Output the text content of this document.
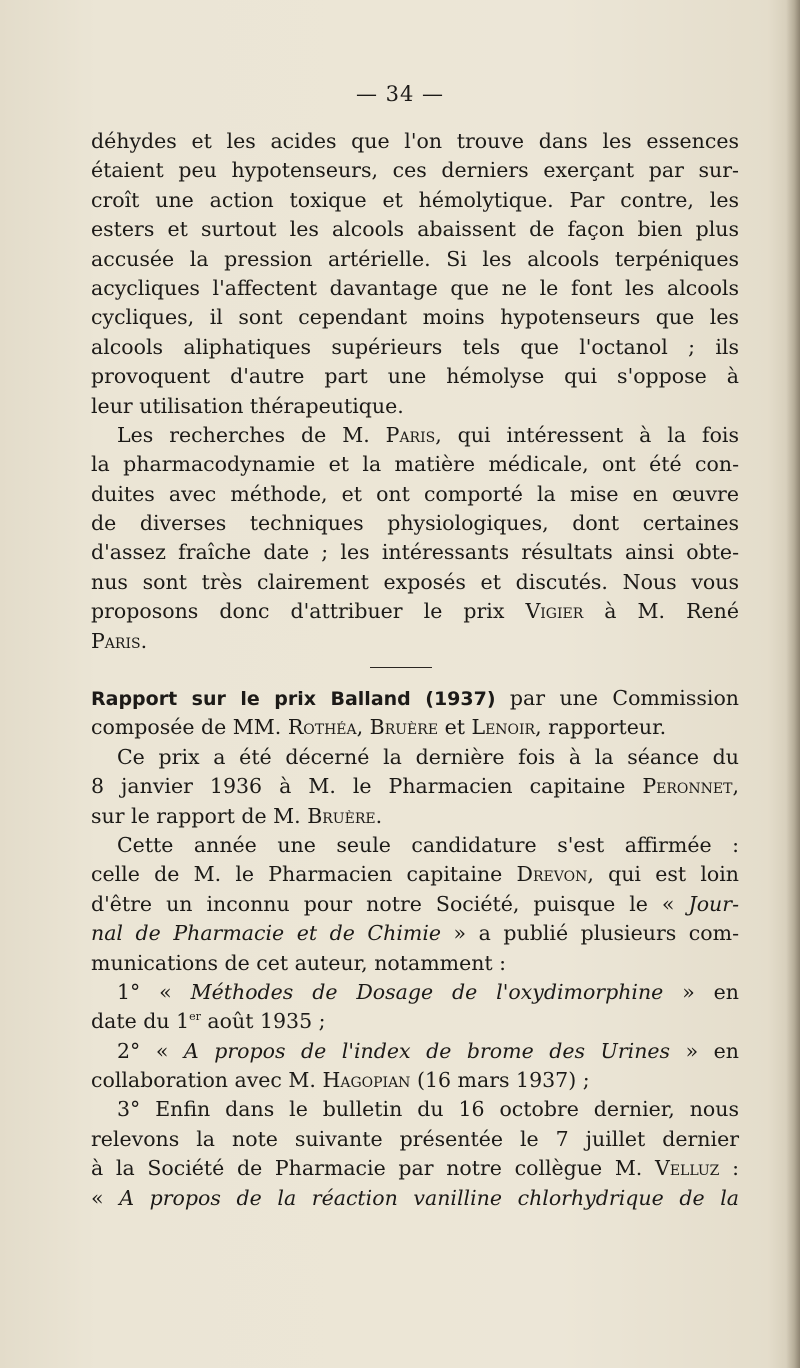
— 34 —
déhydes et les acides que l'on trouve dans les essences
étaient peu hypotenseurs, ces derniers exerçant par sur-
croît une action toxique et hémolytique. Par contre, les
esters et surtout les alcools abaissent de façon bien plus
accusée la pression artérielle. Si les alcools terpéniques
acycliques l'affectent davantage que ne le font les alcools
cycliques, il sont cependant moins hypotenseurs que les
alcools aliphatiques supérieurs tels que l'octanol ; ils
provoquent d'autre part une hémolyse qui s'oppose à
leur utilisation thérapeutique.
Les recherches de M. Paris, qui intéressent à la fois
la pharmacodynamie et la matière médicale, ont été con-
duites avec méthode, et ont comporté la mise en œuvre
de diverses techniques physiologiques, dont certaines
d'assez fraîche date ; les intéressants résultats ainsi obte-
nus sont très clairement exposés et discutés. Nous vous
proposons donc d'attribuer le prix Vigier à M. René
Paris.
Rapport sur le prix Balland (1937) par une Commission
composée de MM. Rothéa, Bruère et Lenoir, rapporteur.
Ce prix a été décerné la dernière fois à la séance du
8 janvier 1936 à M. le Pharmacien capitaine Peronnet,
sur le rapport de M. Bruère.
Cette année une seule candidature s'est affirmée :
celle de M. le Pharmacien capitaine Drevon, qui est loin
d'être un inconnu pour notre Société, puisque le « Jour-
nal de Pharmacie et de Chimie » a publié plusieurs com-
munications de cet auteur, notamment :
1° « Méthodes de Dosage de l'oxydimorphine » en
date du 1er août 1935 ;
2° « A propos de l'index de brome des Urines » en
collaboration avec M. Hagopian (16 mars 1937) ;
3° Enfin dans le bulletin du 16 octobre dernier, nous
relevons la note suivante présentée le 7 juillet dernier
à la Société de Pharmacie par notre collègue M. Velluz :
« A propos de la réaction vanilline chlorhydrique de la
